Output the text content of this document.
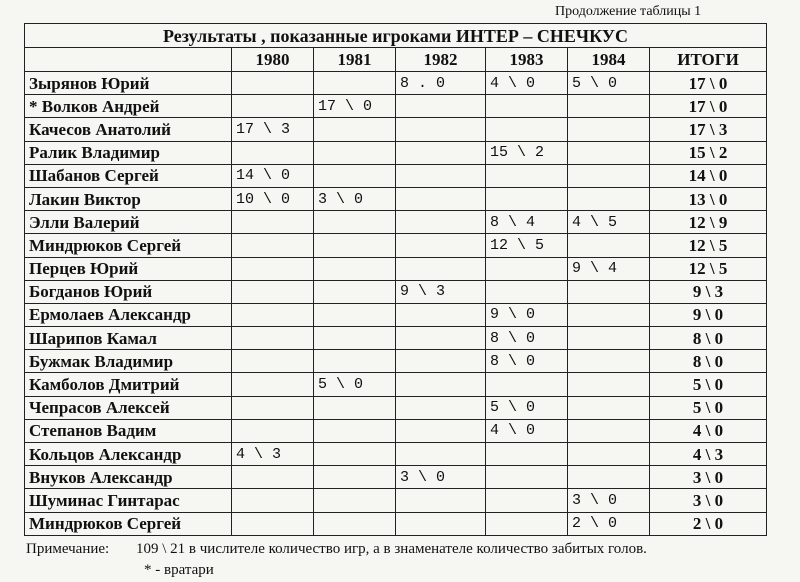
Продолжение таблицы 1
Результаты , показанные игроками ИНТЕР – СНЕЧКУС						
	1980	1981	1982	1983	1984	ИТОГИ
Зырянов Юрий			8 . 0	4 \ 0	5 \ 0	17 \ 0
* Волков Андрей		17 \ 0				17 \ 0
Качесов Анатолий	17 \ 3					17 \ 3
Ралик Владимир				15 \ 2		15 \ 2
Шабанов Сергей	14 \ 0					14 \ 0
Лакин Виктор	10 \ 0	3 \ 0				13 \ 0
Элли Валерий				8 \ 4	4 \ 5	12 \ 9
Миндрюков Сергей				12 \ 5		12 \ 5
Перцев Юрий					9 \ 4	12 \ 5
Богданов Юрий			9 \ 3			9 \ 3
Ермолаев Александр				9 \ 0		9 \ 0
Шарипов Камал				8 \ 0		8 \ 0
Бужмак Владимир				8 \ 0		8 \ 0
Камболов Дмитрий		5 \ 0				5 \ 0
Чепрасов Алексей				5 \ 0		5 \ 0
Степанов Вадим				4 \ 0		4 \ 0
Кольцов Александр	4 \ 3					4 \ 3
Внуков Александр			3 \ 0			3 \ 0
Шуминас Гинтарас					3 \ 0	3 \ 0
Миндрюков Сергей					2 \ 0	2 \ 0
Примечание: 109 \ 21 в числителе количество игр, а в знаменателе количество забитых голов.
* - вратари
